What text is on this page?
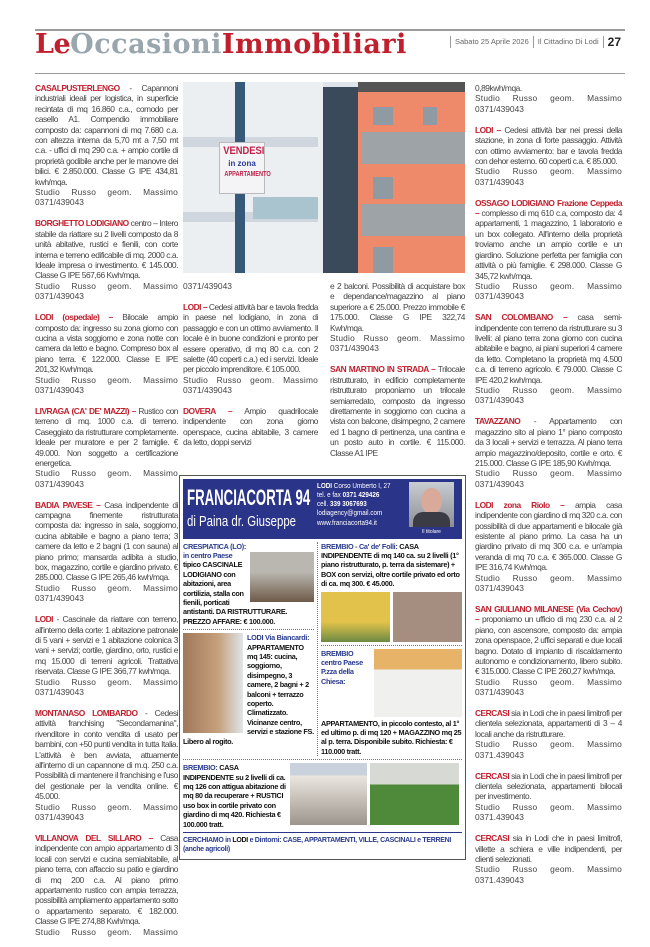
LeOccasioniImmobiliari	Sabato 25 Aprile 2026	Il Cittadino Di Lodi 27
CASALPUSTERLENGO - Capannoni industriali ideali per logistica, in superficie recintata di mq 16.860 c.a., comodo per casello A1. Compendio immobiliare composto da: capannoni di mq 7.680 c.a. con altezza interna da 5,70 mt a 7,50 mt c.a. - uffici di mq 290 c.a. + ampio cortile di proprietà godibile anche per le manovre dei bilici. € 2.850.000. Classe G IPE 434,81 kwh/mqa.
Studio Russo geom. Massimo
0371/439043
BORGHETTO LODIGIANO centro – Intero stabile da riattare su 2 livelli composto da 8 unità abitative, rustici e fienili, con corte interna e terreno edificabile di mq. 2000 c.a. Ideale impresa o investimento. € 145.000. Classe G IPE 567,66 Kwh/mqa.
Studio Russo geom. Massimo
0371/439043
LODI (ospedale) – Bilocale ampio composto da: ingresso su zona giorno con cucina a vista soggiorno e zona notte con camera da letto e bagno. Compreso box al piano terra. € 122.000. Classe E IPE 201,32 Kwh/mqa.
Studio Russo geom. Massimo
0371/439043
LIVRAGA (CA' DE' MAZZI) – Rustico con terreno di mq. 1000 c.a. di terreno. Caseggiato da ristrutturare completamente. Ideale per muratore e per 2 famiglie. € 49.000. Non soggetto a certificazione energetica.
Studio Russo geom. Massimo
0371/439043
BADIA PAVESE – Casa indipendente di campagna finemente ristrutturata composta da: ingresso in sala, soggiorno, cucina abitabile e bagno a piano terra; 3 camere da letto e 2 bagni (1 con sauna) al piano primo; mansarda adibita a studio, box, magazzino, cortile e giardino privato. € 285.000. Classe G IPE 265,46 kwh/mqa.
Studio Russo geom. Massimo
0371/439043
LODI - Cascinale da riattare con terreno, all'interno della corte: 1 abitazione patronale di 5 vani + servizi e 1 abitazione colonica 3 vani + servizi; cortile, giardino, orto, rustici e mq 15.000 di terreni agricoli. Trattativa riservata. Classe G IPE 366,77 kwh/mqa.
Studio Russo geom. Massimo
0371/439043
MONTANASO LOMBARDO - Cedesi attività franchising "Secondamanina", rivenditore in conto vendita di usato per bambini, con +50 punti vendita in tutta Italia. L'attività è ben avviata, attuamente all'interno di un capannone di m.q. 250 c.a. Possibilità di mantenere il franchising e l'uso del gestionale per la vendita online. € 45.000.
Studio Russo geom. Massimo
0371/439043
VILLANOVA DEL SILLARO – Casa indipendente con ampio appartamento di 3 locali con servizi e cucina semiabitabile, al piano terra, con affaccio su patio e giardino di mq 200 c.a. Al piano primo appartamento rustico con ampia terrazza, possibilità ampliamento appartamento sotto o appartamento separato. € 182.000. Classe G IPE 274,88 Kwh/mqa.
Studio Russo geom. Massimo
0,89kwh/mqa.
Studio Russo geom. Massimo
0371/439043
LODI – Cedesi attività bar nei pressi della stazione, in zona di forte passaggio. Attività con ottimo avviamento: bar e tavola fredda con dehor esterno. 60 coperti c.a. € 85.000.
Studio Russo geom. Massimo
0371/439043
OSSAGO LODIGIANO Frazione Ceppeda – complesso di mq 610 c.a, composto da: 4 appartamenti, 1 magazzino, 1 laboratorio e un box collegato. All'interno della proprietà troviamo anche un ampio cortile e un giardino. Soluzione perfetta per famiglia con attività o più famiglie. € 298.000. Classe G 345,72 kwh/mqa.
Studio Russo geom. Massimo
0371/439043
SAN COLOMBANO – casa semi-indipendente con terreno da ristrutturare su 3 livelli: al piano terra zona giorno con cucina abitabile e bagno, ai piani superiori 4 camere da letto. Completano la proprietà mq 4.500 c.a. di terreno agricolo. € 79.000. Classe C IPE 420,2 kwh/mqa.
Studio Russo geom. Massimo
0371/439043
TAVAZZANO - Appartamento con magazzino sito al piano 1° piano composto da 3 locali + servizi e terrazza. Al piano terra ampio magazzino/deposito, cortile e orto. € 215.000. Classe G IPE 185,90 Kwh/mqa.
Studio Russo geom. Massimo
0371/439043
LODI zona Riolo – ampia casa indipendente con giardino di mq 320 c.a. con possibilità di due appartamenti e bilocale già esistente al piano primo. La casa ha un giardino privato di mq 300 c.a. e un'ampia veranda di mq 70 c.a. € 365.000. Classe G IPE 316,74 Kwh/mqa.
Studio Russo geom. Massimo
0371/439043
SAN GIULIANO MILANESE (Via Cechov) – proponiamo un ufficio di mq 230 c.a. al 2 piano, con ascensore, composto da: ampia zona openspace, 2 uffici separati e due locali bagno. Dotato di impianto di riscaldamento autonomo e condizionamento, libero subito. € 315.000. Classe C IPE 260,27 kwh/mqa.
Studio Russo geom. Massimo
0371/439043
CERCASI sia in Lodi che in paesi limitrofi per clientela selezionata, appartamenti di 3 – 4 locali anche da ristrutturare.
Studio Russo geom. Massimo
0371.439043
CERCASI sia in Lodi che in paesi limitrofi per clientela selezionata, appartamenti bilocali per investimento.
Studio Russo geom. Massimo
0371.439043
CERCASI sia in Lodi che in paesi limitrofi, villette a schiera e ville indipendenti, per clienti selezionati.
Studio Russo geom. Massimo
0371.439043
VENDESI
in zona
APPARTAMENTO
0371/439043
LODI – Cedesi attività bar e tavola fredda in paese nel lodigiano, in zona di passaggio e con un ottimo avviamento. Il locale è in buone condizioni e pronto per essere operativo, di mq 80 c.a. con 2 salette (40 coperti c.a.) ed i servizi. Ideale per piccolo imprenditore. € 105.000.
Studio Russo geom. Massimo
0371/439043
DOVERA – Ampio quadrilocale indipendente con zona giorno openspace, cucina abitabile, 3 camere da letto, doppi servizi
e 2 balconi. Possibilità di acquistare box e dependance/magazzino al piano superiore a € 25.000. Prezzo immobile € 175.000. Classe G IPE 322,74 Kwh/mqa.
Studio Russo geom. Massimo
0371/439043
SAN MARTINO IN STRADA – Trilocale ristrutturato, in edificio completamente ristrutturato proponiamo un trilocale semiarredato, composto da ingresso direttamente in soggiorno con cucina a vista con balcone, disimpegno, 2 camere ed 1 bagno di pertinenza, una cantina e un posto auto in cortile. € 115.000. Classe A1 IPE
FRANCIACORTA 94
di Paina dr. Giuseppe
LODI Corso Umberto I, 27
tel. e fax 0371 429426
cell. 339 3067693
lodiagency@gmail.com
www.franciacorta94.it
Il titolare
CRESPIATICA (LO): in centro Paese tipico CASCINALE LODIGIANO con abitazioni, area cortilizia, stalla con fienili, porticati antistanti. DA RISTRUTTURARE. PREZZO AFFARE: € 100.000.
LODI Via Biancardi:
APPARTAMENTO mq 145: cucina, soggiorno, disimpegno, 3 camere, 2 bagni + 2 balconi + terrazzo coperto. Climatizzato. Vicinanze centro, servizi e stazione FS. Libero al rogito.
BREMBIO - Ca' de' Folli: CASA INDIPENDENTE di mq 140 ca. su 2 livelli (1° piano ristrutturato, p. terra da sistemare) + BOX con servizi, oltre cortile privato ed orto di ca. mq 300. € 45.000.
BREMBIO centro Paese P.zza della Chiesa:
APPARTAMENTO, in piccolo contesto, al 1° ed ultimo p. di mq 120 + MAGAZZINO mq 25 al p. terra. Disponibile subito. Richiesta: € 110.000 tratt.
BREMBIO: CASA INDIPENDENTE su 2 livelli di ca. mq 126 con attigua abitazione di mq 80 da recuperare + RUSTICI uso box in cortile privato con giardino di mq 420. Richiesta € 100.000 tratt.
CERCHIAMO in LODI e Dintorni: CASE, APPARTAMENTI, VILLE, CASCINALI e TERRENI (anche agricoli)
